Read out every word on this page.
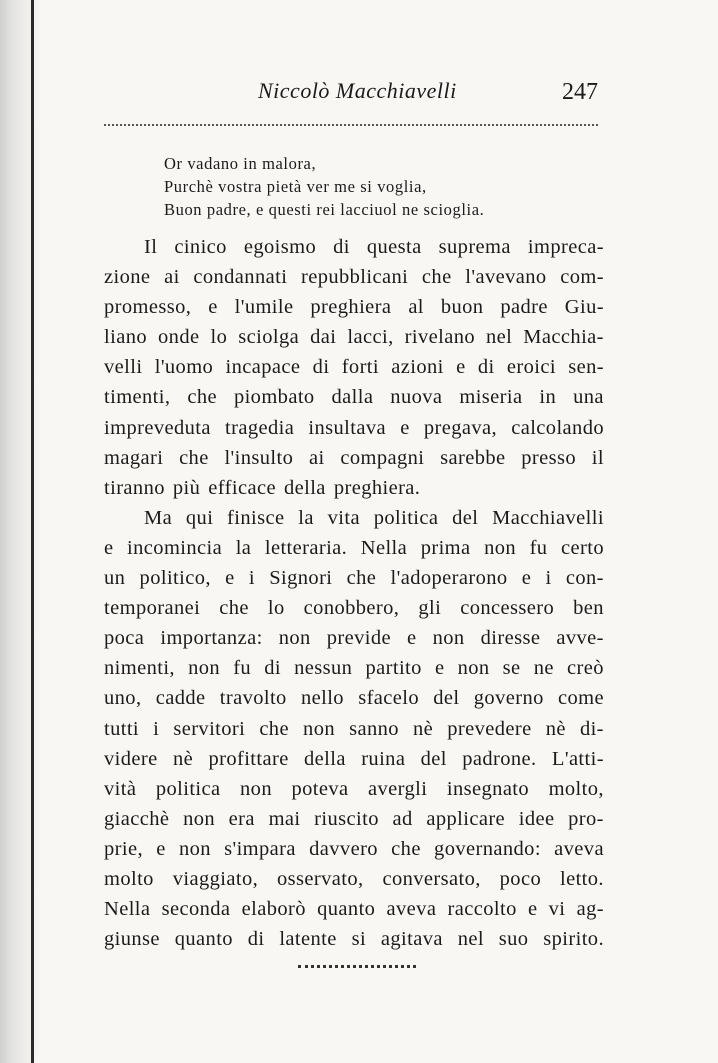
Niccolò Macchiavelli	247
Or vadano in malora,
Purchè vostra pietà ver me si voglia,
Buon padre, e questi rei lacciuol ne scioglia.
Il cinico egoismo di questa suprema impreca-
zione ai condannati repubblicani che l'avevano com-
promesso, e l'umile preghiera al buon padre Giu-
liano onde lo sciolga dai lacci, rivelano nel Macchia-
velli l'uomo incapace di forti azioni e di eroici sen-
timenti, che piombato dalla nuova miseria in una
impreveduta tragedia insultava e pregava, calcolando
magari che l'insulto ai compagni sarebbe presso il
tiranno più efficace della preghiera.
Ma qui finisce la vita politica del Macchiavelli
e incomincia la letteraria. Nella prima non fu certo
un politico, e i Signori che l'adoperarono e i con-
temporanei che lo conobbero, gli concessero ben
poca importanza: non previde e non diresse avve-
nimenti, non fu di nessun partito e non se ne creò
uno, cadde travolto nello sfacelo del governo come
tutti i servitori che non sanno nè prevedere nè di-
videre nè profittare della ruina del padrone. L'atti-
vità politica non poteva avergli insegnato molto,
giacchè non era mai riuscito ad applicare idee pro-
prie, e non s'impara davvero che governando: aveva
molto viaggiato, osservato, conversato, poco letto.
Nella seconda elaborò quanto aveva raccolto e vi ag-
giunse quanto di latente si agitava nel suo spirito.
